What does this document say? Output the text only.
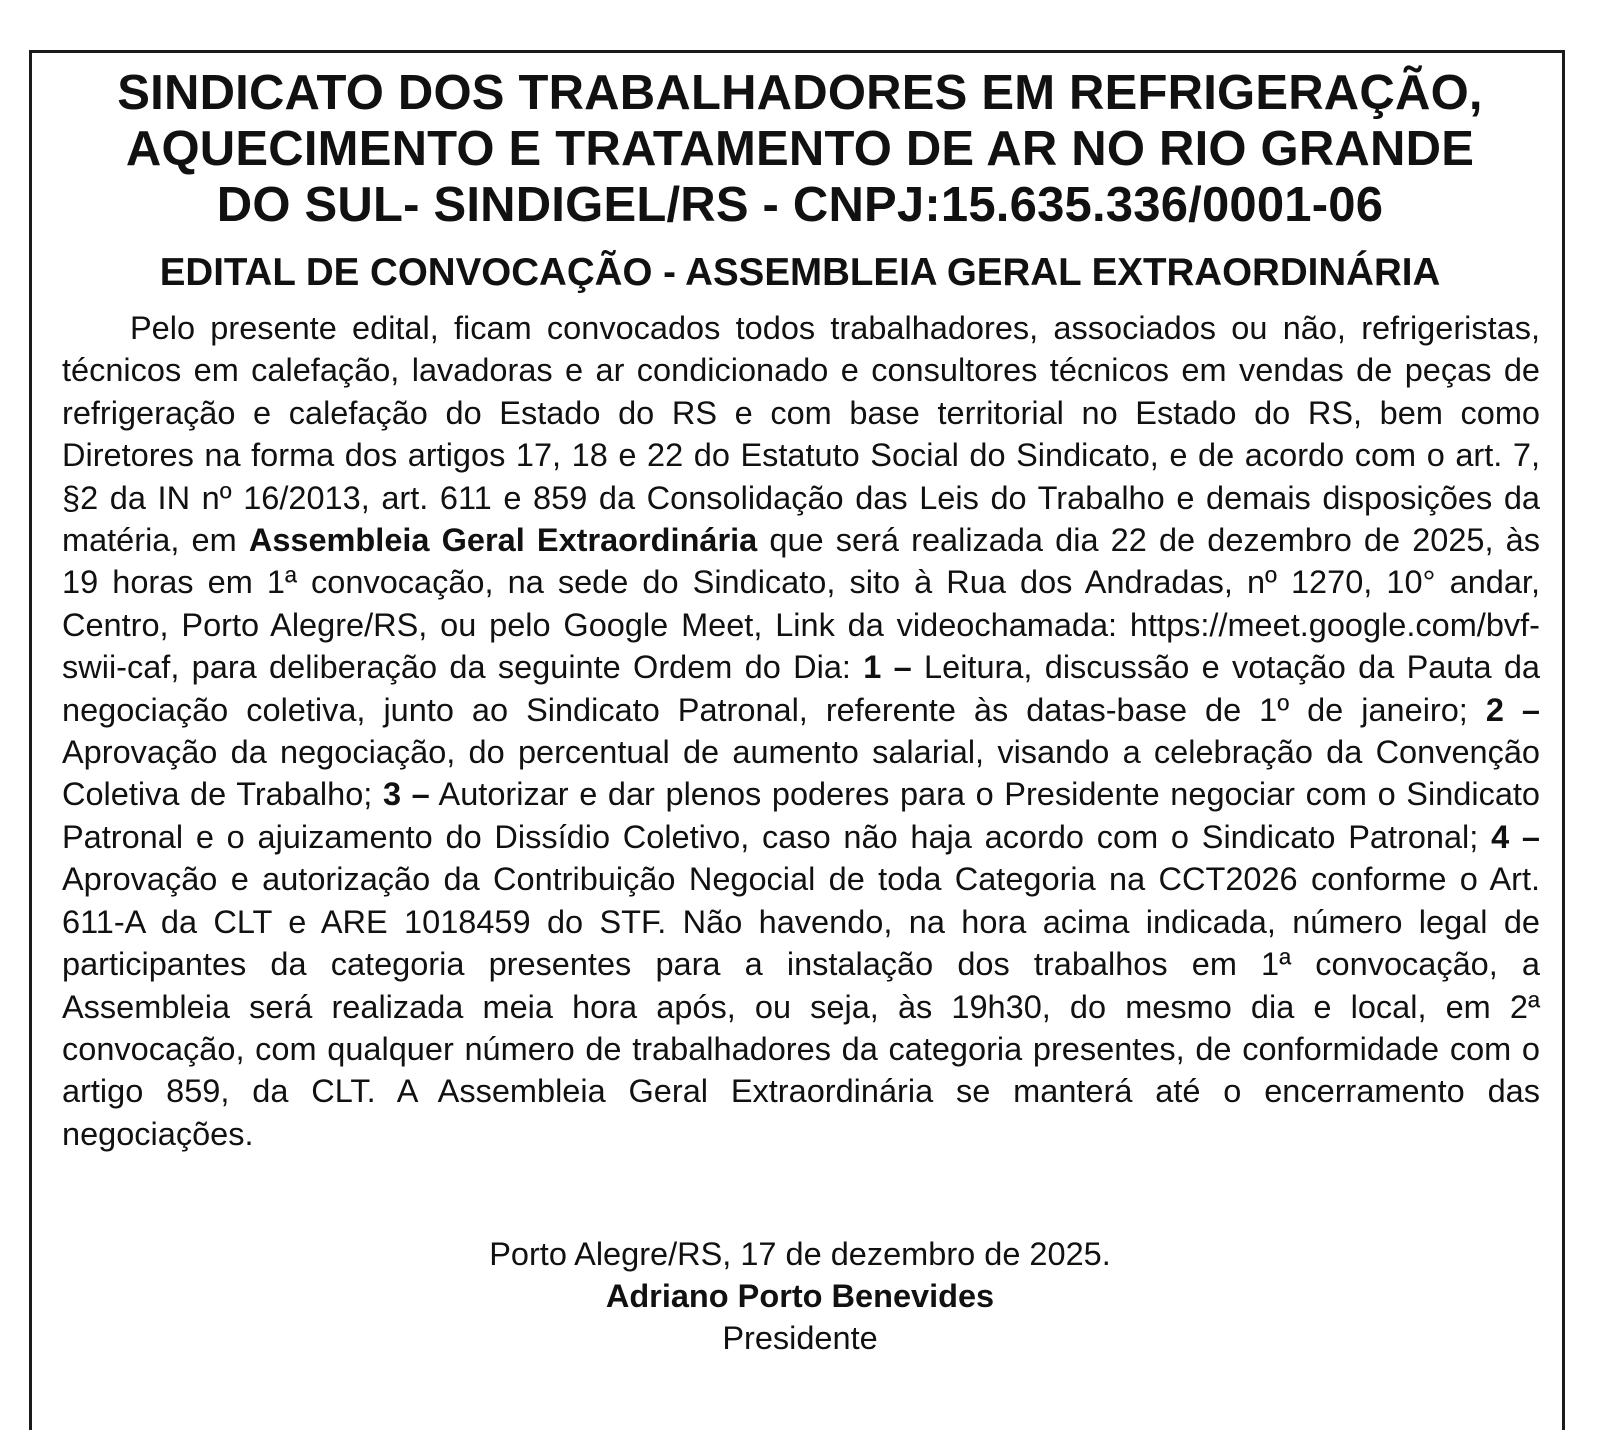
SINDICATO DOS TRABALHADORES EM REFRIGERAÇÃO,
AQUECIMENTO E TRATAMENTO DE AR NO RIO GRANDE
DO SUL- SINDIGEL/RS - CNPJ:15.635.336/0001-06
EDITAL DE CONVOCAÇÃO - ASSEMBLEIA GERAL EXTRAORDINÁRIA

Pelo presente edital, ficam convocados todos trabalhadores, associados ou não, refrigeristas, técnicos em calefação, lavadoras e ar condicionado e consultores técnicos em vendas de peças de refrigeração e calefação do Estado do RS e com base territorial no Estado do RS, bem como Diretores na forma dos artigos 17, 18 e 22 do Estatuto Social do Sindicato, e de acordo com o art. 7, §2 da IN nº 16/2013, art. 611 e 859 da Consolidação das Leis do Trabalho e demais disposições da matéria, em Assembleia Geral Extraordinária que será realizada dia 22 de dezembro de 2025, às 19 horas em 1ª convocação, na sede do Sindicato, sito à Rua dos Andradas, nº 1270, 10° andar, Centro, Porto Alegre/RS, ou pelo Google Meet, Link da videochamada: https://meet.google.com/bvf-swii-caf, para deliberação da seguinte Ordem do Dia: 1 – Leitura, discussão e votação da Pauta da negociação coletiva, junto ao Sindicato Patronal, referente às datas-base de 1º de janeiro; 2 – Aprovação da negociação, do percentual de aumento salarial, visando a celebração da Convenção Coletiva de Trabalho; 3 – Autorizar e dar plenos poderes para o Presidente negociar com o Sindicato Patronal e o ajuizamento do Dissídio Coletivo, caso não haja acordo com o Sindicato Patronal; 4 – Aprovação e autorização da Contribuição Negocial de toda Categoria na CCT2026 conforme o Art. 611-A da CLT e ARE 1018459 do STF. Não havendo, na hora acima indicada, número legal de participantes da categoria presentes para a instalação dos trabalhos em 1ª convocação, a Assembleia será realizada meia hora após, ou seja, às 19h30, do mesmo dia e local, em 2ª convocação, com qualquer número de trabalhadores da categoria presentes, de conformidade com o artigo 859, da CLT. A Assembleia Geral Extraordinária se manterá até o encerramento das negociações.

Porto Alegre/RS, 17 de dezembro de 2025.

Adriano Porto Benevides

Presidente
